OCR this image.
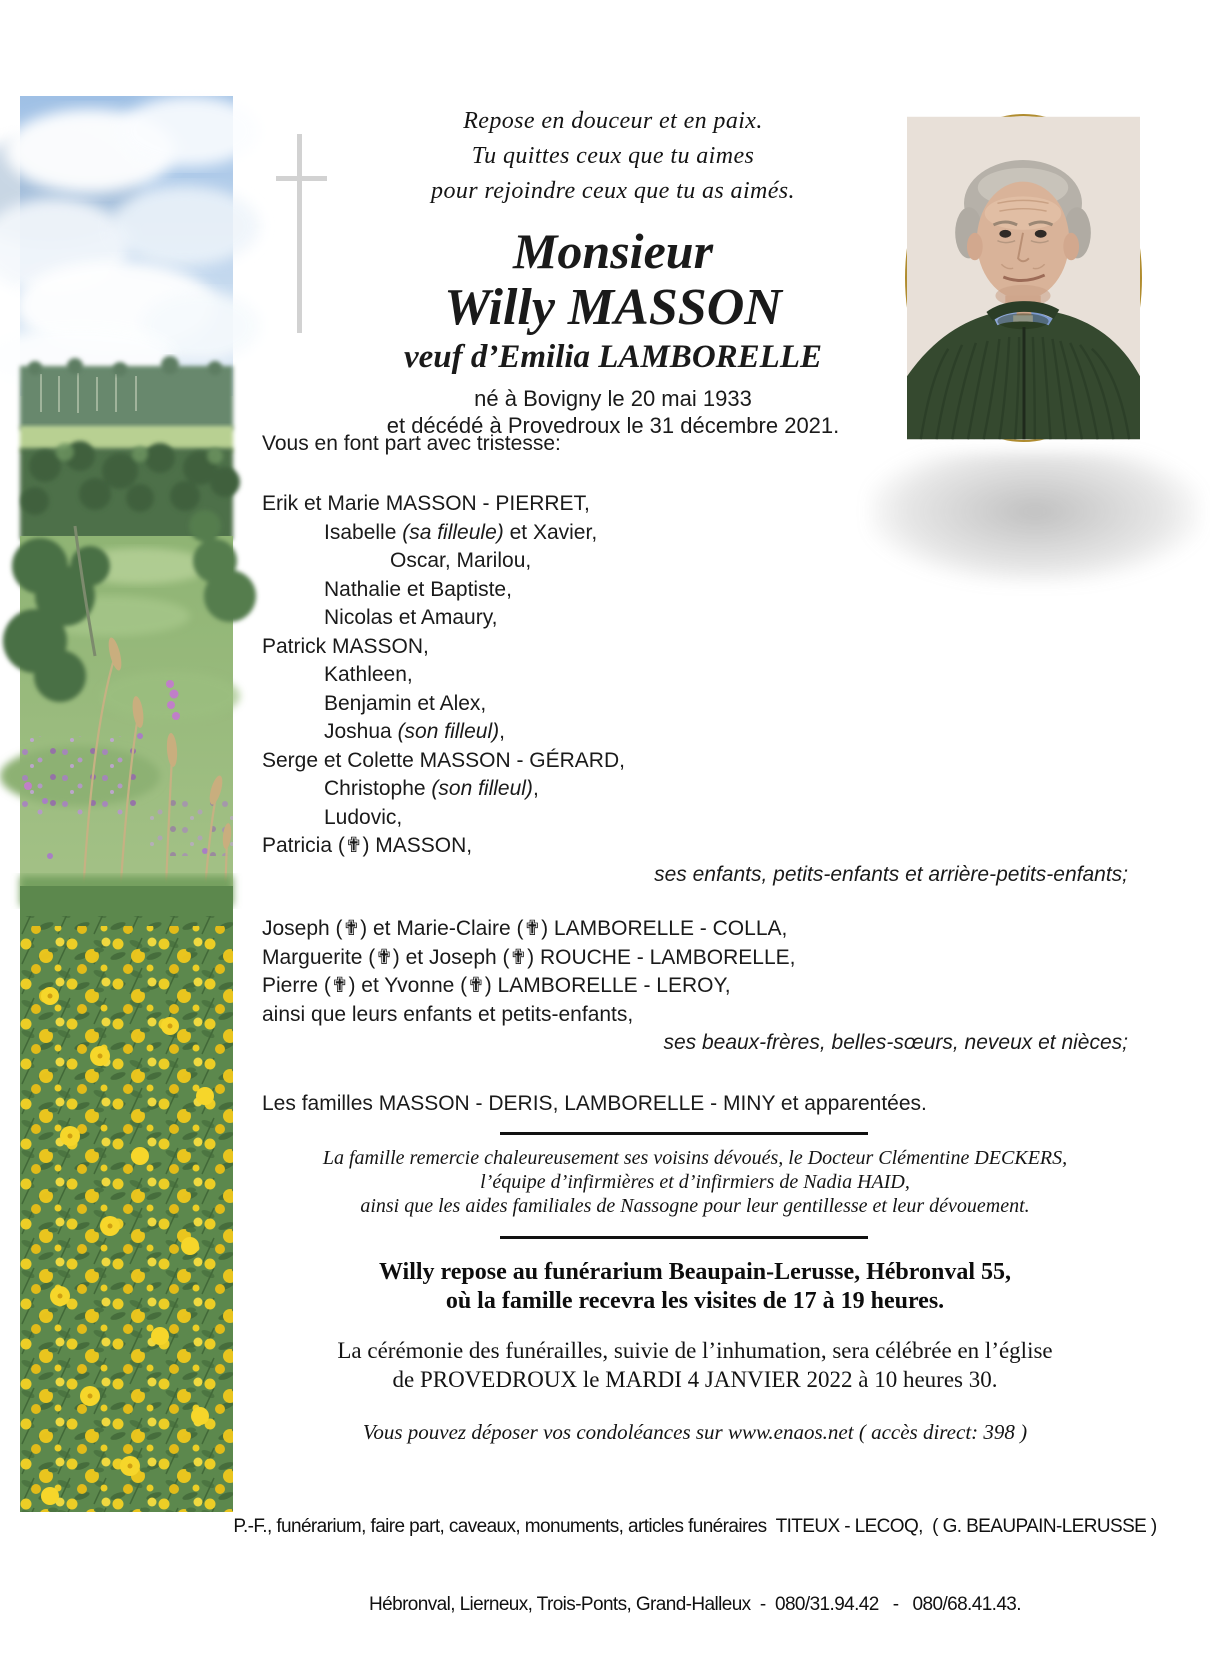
Repose en douceur et en paix.
Tu quittes ceux que tu aimes
pour rejoindre ceux que tu as aimés.
Monsieur
Willy MASSON
veuf d’Emilia LAMBORELLE
né à Bovigny le 20 mai 1933
et décédé à Provedroux le 31 décembre 2021.
Vous en font part avec tristesse:
Erik et Marie MASSON - PIERRET,
Isabelle (sa filleule) et Xavier,
Oscar, Marilou,
Nathalie et Baptiste,
Nicolas et Amaury,
Patrick MASSON,
Kathleen,
Benjamin et Alex,
Joshua (son filleul),
Serge et Colette MASSON - GÉRARD,
Christophe (son filleul),
Ludovic,
Patricia (✟) MASSON,
ses enfants, petits-enfants et arrière-petits-enfants;
Joseph (✟) et Marie-Claire (✟) LAMBORELLE - COLLA,
Marguerite (✟) et Joseph (✟) ROUCHE - LAMBORELLE,
Pierre (✟) et Yvonne (✟) LAMBORELLE - LEROY,
ainsi que leurs enfants et petits-enfants,
ses beaux-frères, belles-sœurs, neveux et nièces;
Les familles MASSON - DERIS, LAMBORELLE - MINY et apparentées.
La famille remercie chaleureusement ses voisins dévoués, le Docteur Clémentine DECKERS,
l’équipe d’infirmières et d’infirmiers de Nadia HAID,
ainsi que les aides familiales de Nassogne pour leur gentillesse et leur dévouement.
Willy repose au funérarium Beaupain-Lerusse, Hébronval 55,
où la famille recevra les visites de 17 à 19 heures.
La cérémonie des funérailles, suivie de l’inhumation, sera célébrée en l’église
de PROVEDROUX le MARDI 4 JANVIER 2022 à 10 heures 30.
Vous pouvez déposer vos condoléances sur www.enaos.net ( accès direct: 398 )

P.-F., funérarium, faire part, caveaux, monuments, articles funéraires  TITEUX - LECOQ,  ( G. BEAUPAIN-LERUSSE )

Hébronval, Lierneux, Trois-Ponts, Grand-Halleux  -  080/31.94.42   -   080/68.41.43.
